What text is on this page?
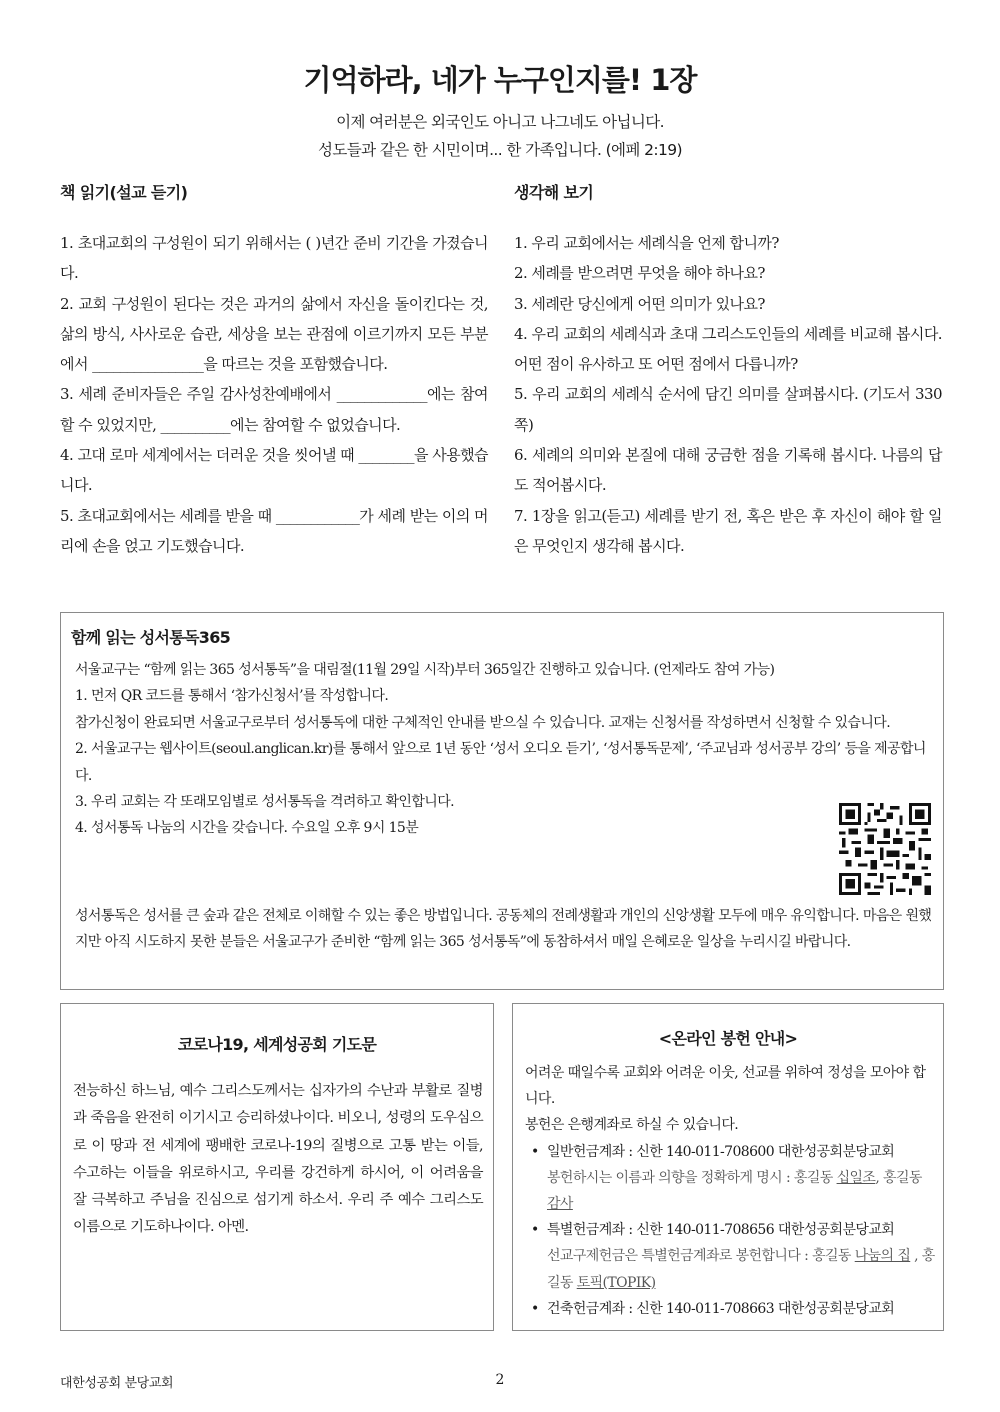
기억하라, 네가 누구인지를! 1장
이제 여러분은 외국인도 아니고 나그네도 아닙니다.
성도들과 같은 한 시민이며... 한 가족입니다. (에페 2:19)
책 읽기(설교 듣기)
1. 초대교회의 구성원이 되기 위해서는 ( )년간 준비 기간을 가졌습니다.
2. 교회 구성원이 된다는 것은 과거의 삶에서 자신을 돌이킨다는 것, 삶의 방식, 사사로운 습관, 세상을 보는 관점에 이르기까지 모든 부분에서 ________________을 따르는 것을 포함했습니다.
3. 세례 준비자들은 주일 감사성찬예배에서 _____________에는 참여할 수 있었지만, __________에는 참여할 수 없었습니다.
4. 고대 로마 세계에서는 더러운 것을 씻어낼 때 ________을 사용했습니다.
5. 초대교회에서는 세례를 받을 때 ____________가 세례 받는 이의 머리에 손을 얹고 기도했습니다.
생각해 보기
1. 우리 교회에서는 세례식을 언제 합니까?
2. 세례를 받으려면 무엇을 해야 하나요?
3. 세례란 당신에게 어떤 의미가 있나요?
4. 우리 교회의 세례식과 초대 그리스도인들의 세례를 비교해 봅시다. 어떤 점이 유사하고 또 어떤 점에서 다릅니까?
5. 우리 교회의 세례식 순서에 담긴 의미를 살펴봅시다. (기도서 330쪽)
6. 세례의 의미와 본질에 대해 궁금한 점을 기록해 봅시다. 나름의 답도 적어봅시다.
7. 1장을 읽고(듣고) 세례를 받기 전, 혹은 받은 후 자신이 해야 할 일은 무엇인지 생각해 봅시다.
함께 읽는 성서통독365
서울교구는 “함께 읽는 365 성서통독”을 대림절(11월 29일 시작)부터 365일간 진행하고 있습니다. (언제라도 참여 가능)
1. 먼저 QR 코드를 통해서 ‘참가신청서’를 작성합니다.
참가신청이 완료되면 서울교구로부터 성서통독에 대한 구체적인 안내를 받으실 수 있습니다. 교재는 신청서를 작성하면서 신청할 수 있습니다.
2. 서울교구는 웹사이트(seoul.anglican.kr)를 통해서 앞으로 1년 동안 ‘성서 오디오 듣기’, ‘성서통독문제’, ‘주교님과 성서공부 강의’ 등을 제공합니다.
3. 우리 교회는 각 또래모임별로 성서통독을 격려하고 확인합니다.
4. 성서통독 나눔의 시간을 갖습니다. 수요일 오후 9시 15분
성서통독은 성서를 큰 숲과 같은 전체로 이해할 수 있는 좋은 방법입니다. 공동체의 전례생활과 개인의 신앙생활 모두에 매우 유익합니다. 마음은 원했지만 아직 시도하지 못한 분들은 서울교구가 준비한 “함께 읽는 365 성서통독”에 동참하셔서 매일 은혜로운 일상을 누리시길 바랍니다.
코로나19, 세계성공회 기도문
전능하신 하느님, 예수 그리스도께서는 십자가의 수난과 부활로 질병과 죽음을 완전히 이기시고 승리하셨나이다. 비오니, 성령의 도우심으로 이 땅과 전 세계에 팽배한 코로나-19의 질병으로 고통 받는 이들, 수고하는 이들을 위로하시고, 우리를 강건하게 하시어, 이 어려움을 잘 극복하고 주님을 진심으로 섬기게 하소서. 우리 주 예수 그리스도 이름으로 기도하나이다. 아멘.
<온라인 봉헌 안내>
어려운 때일수록 교회와 어려운 이웃, 선교를 위하여 정성을 모아야 합니다.
봉헌은 은행계좌로 하실 수 있습니다.
• 일반헌금계좌 : 신한 140-011-708600 대한성공회분당교회
봉헌하시는 이름과 의향을 정확하게 명시 : 홍길동 십일조, 홍길동 감사
• 특별헌금계좌 : 신한 140-011-708656 대한성공회분당교회
선교구제헌금은 특별헌금계좌로 봉헌합니다 : 홍길동 나눔의 집 , 홍길동 토픽(TOPIK)
• 건축헌금계좌 : 신한 140-011-708663 대한성공회분당교회
대한성공회 분당교회	2
